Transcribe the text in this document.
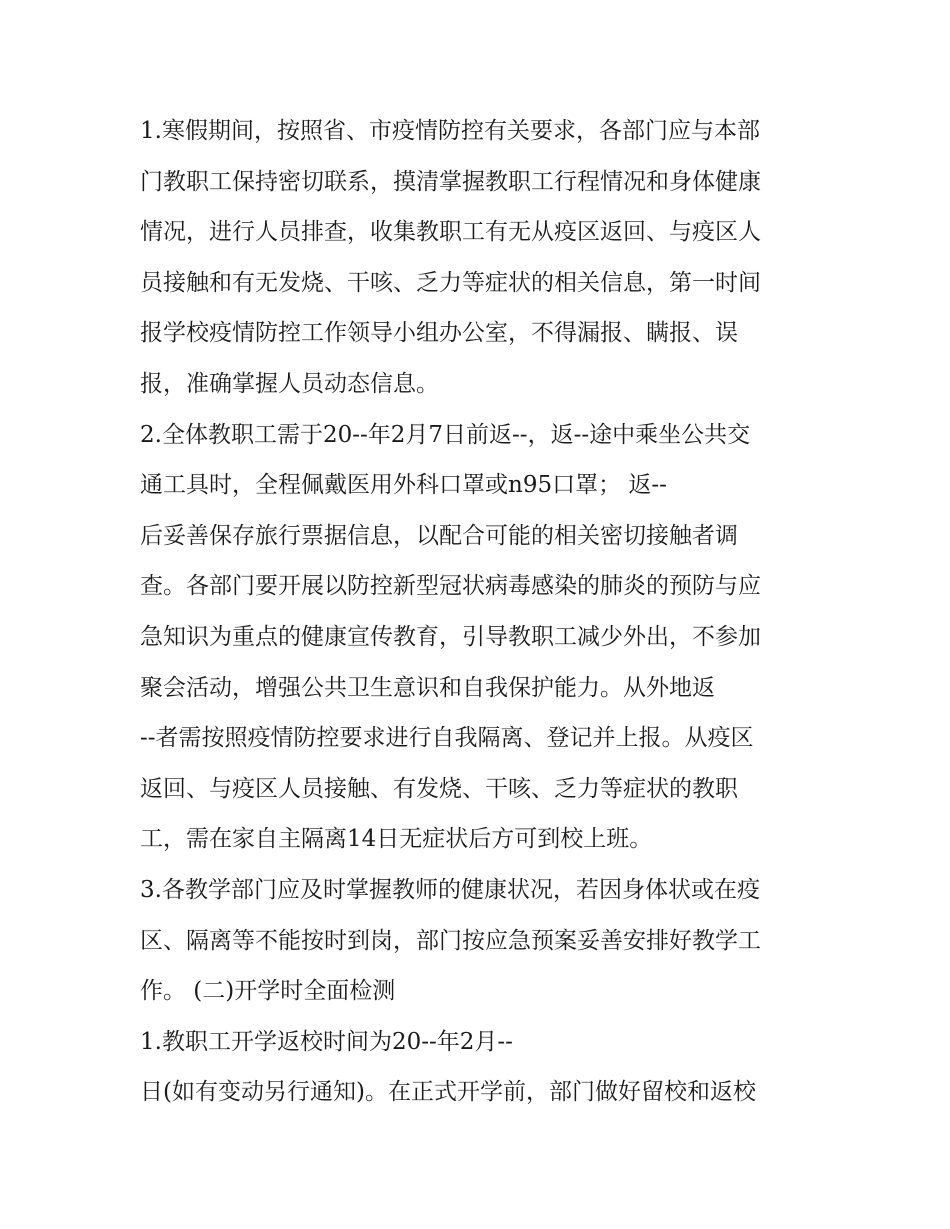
1.寒假期间，按照省、市疫情防控有关要求，各部门应与本部
门教职工保持密切联系，摸清掌握教职工行程情况和身体健康
情况，进行人员排查，收集教职工有无从疫区返回、与疫区人
员接触和有无发烧、干咳、乏力等症状的相关信息，第一时间
报学校疫情防控工作领导小组办公室，不得漏报、瞒报、误
报，准确掌握人员动态信息。
2.全体教职工需于20--年2月7日前返--，返--途中乘坐公共交
通工具时，全程佩戴医用外科口罩或n95口罩； 返--
后妥善保存旅行票据信息，以配合可能的相关密切接触者调
查。各部门要开展以防控新型冠状病毒感染的肺炎的预防与应
急知识为重点的健康宣传教育，引导教职工减少外出，不参加
聚会活动，增强公共卫生意识和自我保护能力。从外地返
--者需按照疫情防控要求进行自我隔离、登记并上报。从疫区
返回、与疫区人员接触、有发烧、干咳、乏力等症状的教职
工，需在家自主隔离14日无症状后方可到校上班。
3.各教学部门应及时掌握教师的健康状况，若因身体状或在疫
区、隔离等不能按时到岗，部门按应急预案妥善安排好教学工
作。 (二)开学时全面检测
1.教职工开学返校时间为20--年2月--
日(如有变动另行通知)。在正式开学前，部门做好留校和返校
